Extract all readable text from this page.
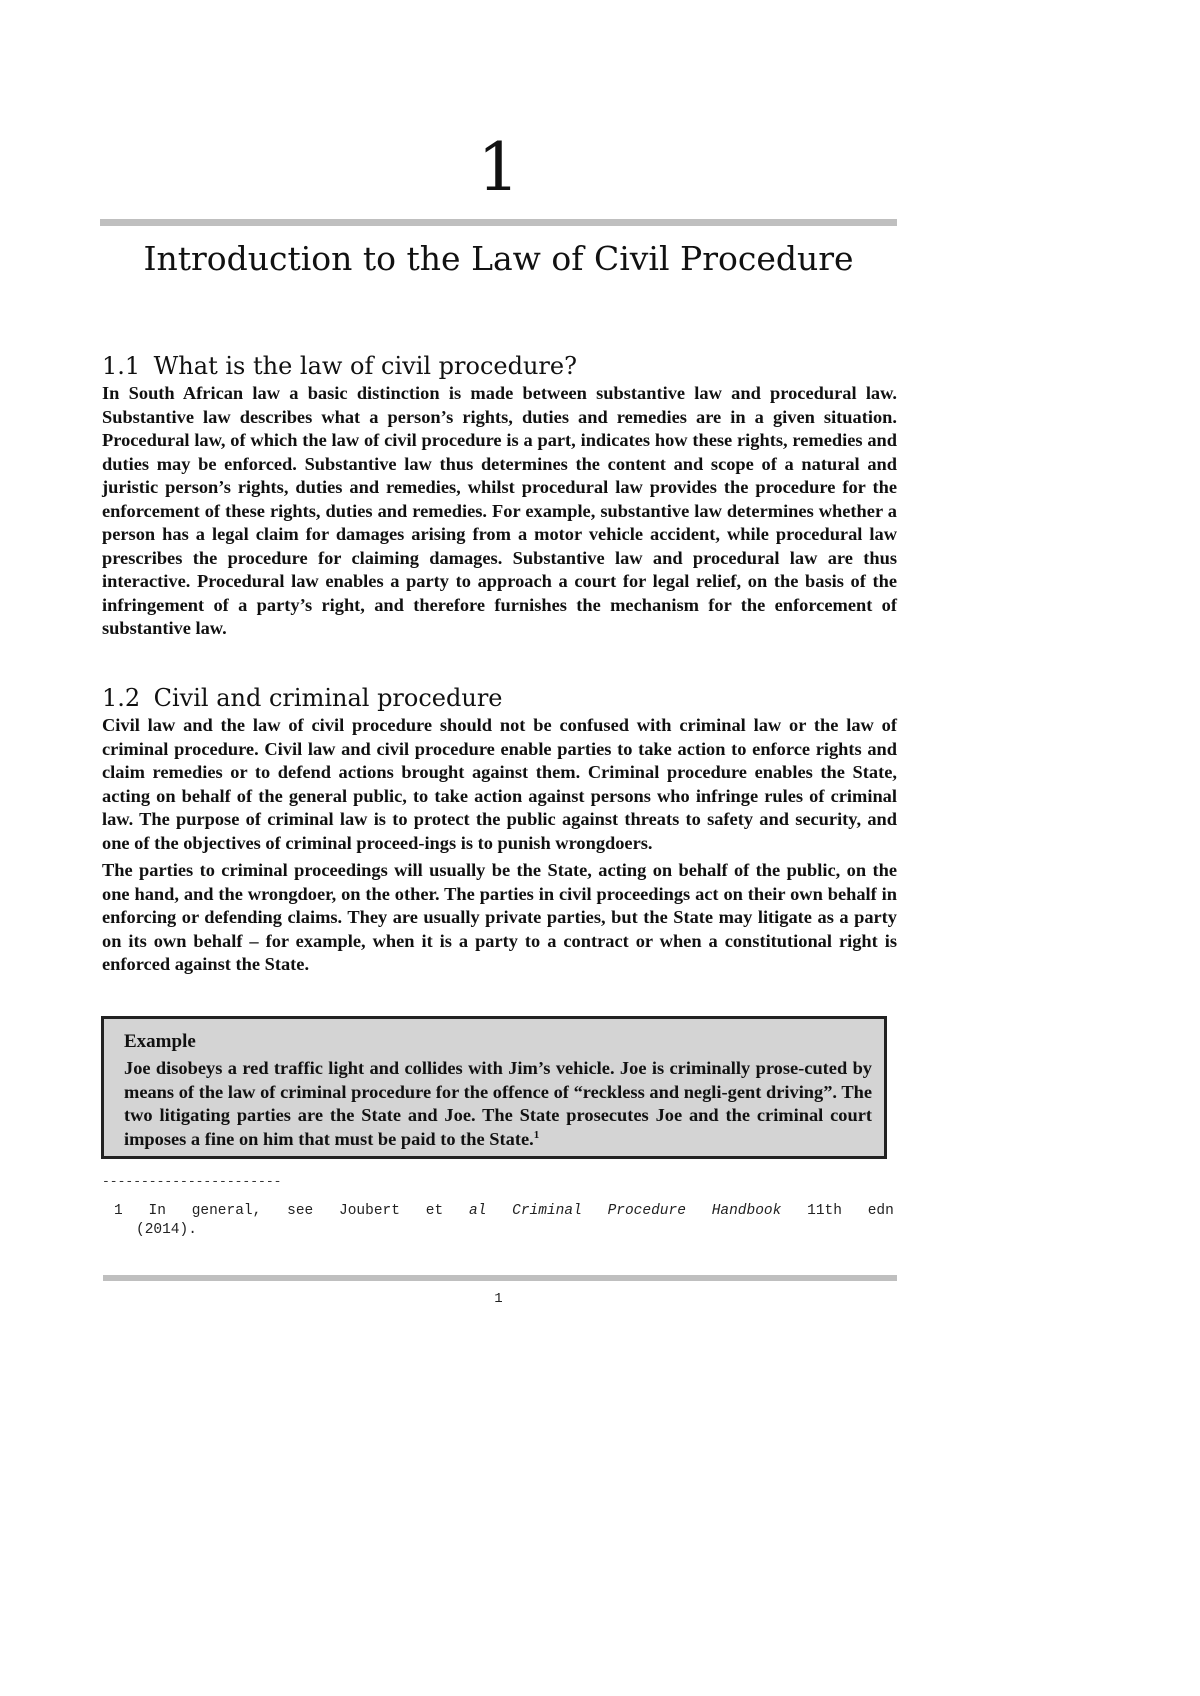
1
Introduction to the Law of Civil Procedure
1.1 What is the law of civil procedure?

In South African law a basic distinction is made between substantive law and procedural law. Substantive law describes what a person’s rights, duties and remedies are in a given situation. Procedural law, of which the law of civil procedure is a part, indicates how these rights, remedies and duties may be enforced. Substantive law thus determines the content and scope of a natural and juristic person’s rights, duties and remedies, whilst procedural law provides the procedure for the enforcement of these rights, duties and remedies. For example, substantive law determines whether a person has a legal claim for damages arising from a motor vehicle accident, while procedural law prescribes the procedure for claiming damages. Substantive law and procedural law are thus interactive. Procedural law enables a party to approach a court for legal relief, on the basis of the infringement of a party’s right, and therefore furnishes the mechanism for the enforcement of substantive law.

1.2 Civil and criminal procedure

Civil law and the law of civil procedure should not be confused with criminal law or the law of criminal procedure. Civil law and civil procedure enable parties to take action to enforce rights and claim remedies or to defend actions brought against them. Criminal procedure enables the State, acting on behalf of the general public, to take action against persons who infringe rules of criminal law. The purpose of criminal law is to protect the public against threats to safety and security, and one of the objectives of criminal proceed-ings is to punish wrongdoers.

The parties to criminal proceedings will usually be the State, acting on behalf of the public, on the one hand, and the wrongdoer, on the other. The parties in civil proceedings act on their own behalf in enforcing or defending claims. They are usually private parties, but the State may litigate as a party on its own behalf – for example, when it is a party to a contract or when a constitutional right is enforced against the State.

Example

Joe disobeys a red traffic light and collides with Jim’s vehicle. Joe is criminally prose-cuted by means of the law of criminal procedure for the offence of “reckless and negli-gent driving”. The two litigating parties are the State and Joe. The State prosecutes Joe and the criminal court imposes a fine on him that must be paid to the State.$^1$

-----------------------
1 In general, see Joubert et al Criminal Procedure Handbook 11th edn
(2014).
1
